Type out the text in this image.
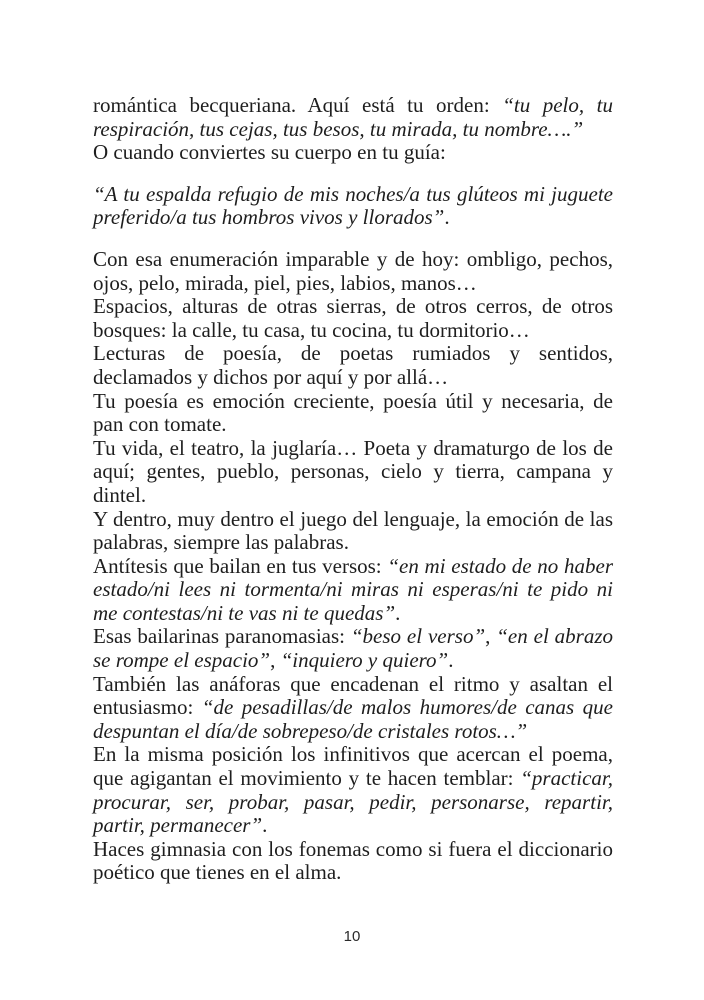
romántica becqueriana. Aquí está tu orden: “tu pelo, tu respiración, tus cejas, tus besos, tu mirada, tu nombre….”

O cuando conviertes su cuerpo en tu guía:

“A tu espalda refugio de mis noches/a tus glúteos mi juguete preferido/a tus hombros vivos y llorados”.

Con esa enumeración imparable y de hoy: ombligo, pechos, ojos, pelo, mirada, piel, pies, labios, manos…

Espacios, alturas de otras sierras, de otros cerros, de otros bosques: la calle, tu casa, tu cocina, tu dormitorio…

Lecturas de poesía, de poetas rumiados y sentidos, declamados y dichos por aquí y por allá…

Tu poesía es emoción creciente, poesía útil y necesaria, de pan con tomate.

Tu vida, el teatro, la juglaría… Poeta y dramaturgo de los de aquí; gentes, pueblo, personas, cielo y tierra, campana y dintel.

Y dentro, muy dentro el juego del lenguaje, la emoción de las palabras, siempre las palabras.

Antítesis que bailan en tus versos: “en mi estado de no haber estado/ni lees ni tormenta/ni miras ni esperas/ni te pido ni me contestas/ni te vas ni te quedas”.

Esas bailarinas paranomasias: “beso el verso”, “en el abrazo se rompe el espacio”, “inquiero y quiero”.

También las anáforas que encadenan el ritmo y asaltan el entusiasmo: “de pesadillas/de malos humores/de canas que despuntan el día/de sobrepeso/de cristales rotos…”

En la misma posición los infinitivos que acercan el poema, que agigantan el movimiento y te hacen temblar: “practicar, procurar, ser, probar, pasar, pedir, personarse, repartir, partir, permanecer”.

Haces gimnasia con los fonemas como si fuera el diccionario poético que tienes en el alma.

10
